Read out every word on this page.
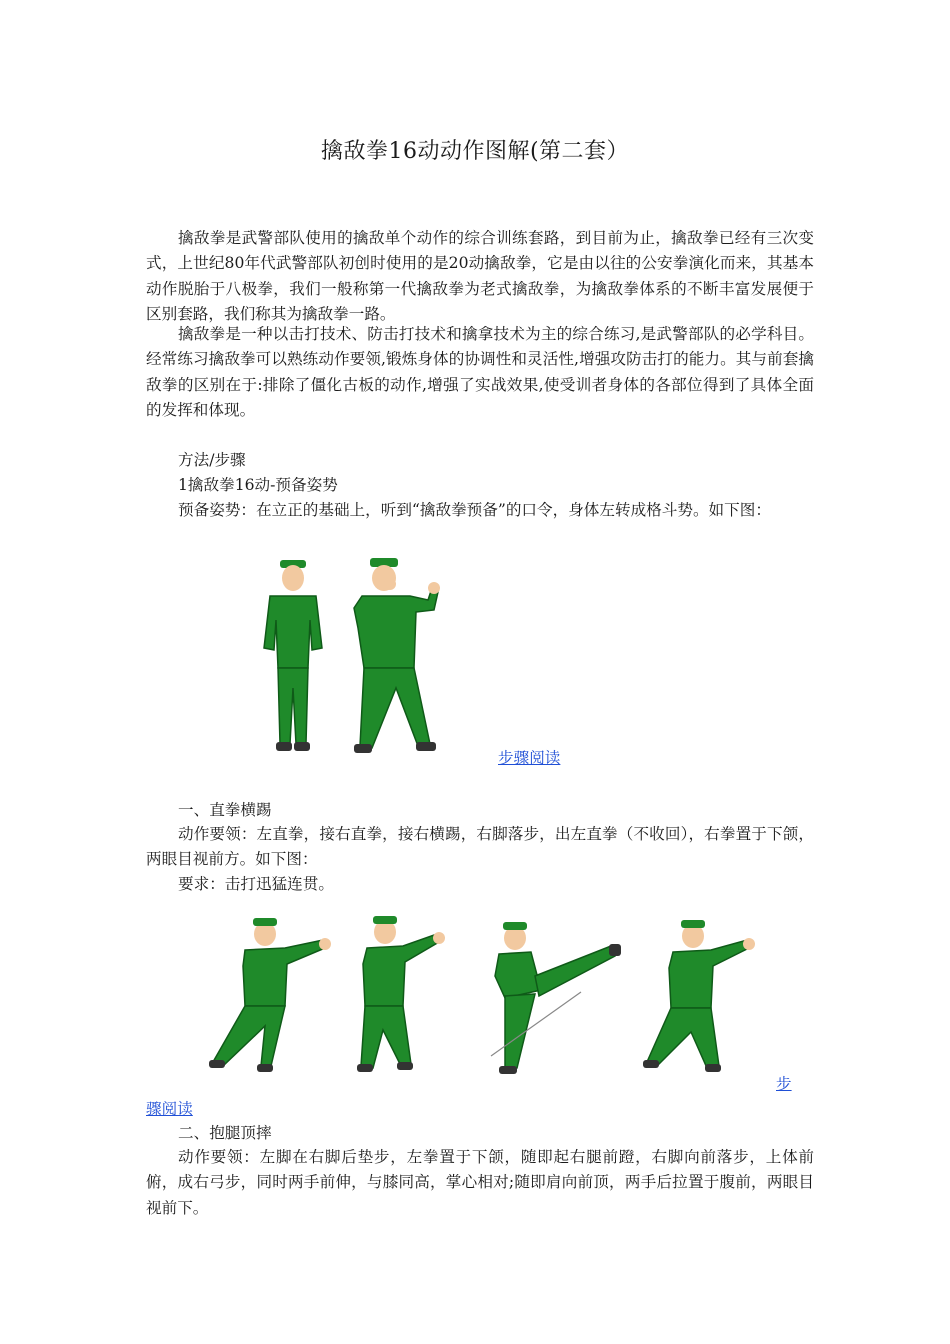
擒敌拳16动动作图解(第二套）

擒敌拳是武警部队使用的擒敌单个动作的综合训练套路，到目前为止，擒敌拳已经有三次变式，上世纪80年代武警部队初创时使用的是20动擒敌拳，它是由以往的公安拳演化而来，其基本动作脱胎于八极拳，我们一般称第一代擒敌拳为老式擒敌拳，为擒敌拳体系的不断丰富发展便于区别套路，我们称其为擒敌拳一路。

擒敌拳是一种以击打技术、防击打技术和擒拿技术为主的综合练习,是武警部队的必学科目。经常练习擒敌拳可以熟练动作要领,锻炼身体的协调性和灵活性,增强攻防击打的能力。其与前套擒敌拳的区别在于:排除了僵化古板的动作,增强了实战效果,使受训者身体的各部位得到了具体全面的发挥和体现。

方法/步骤

1擒敌拳16动-预备姿势

预备姿势：在立正的基础上，听到“擒敌拳预备”的口令，身体左转成格斗势。如下图：

步骤阅读

一、直拳横踢

动作要领：左直拳，接右直拳，接右横踢，右脚落步，出左直拳（不收回），右拳置于下颌，两眼目视前方。如下图：

要求：击打迅猛连贯。

步
骤阅读

二、抱腿顶摔

动作要领：左脚在右脚后垫步，左拳置于下颌，随即起右腿前蹬，右脚向前落步，上体前俯，成右弓步，同时两手前伸，与膝同高，掌心相对;随即肩向前顶，两手后拉置于腹前，两眼目视前下。
